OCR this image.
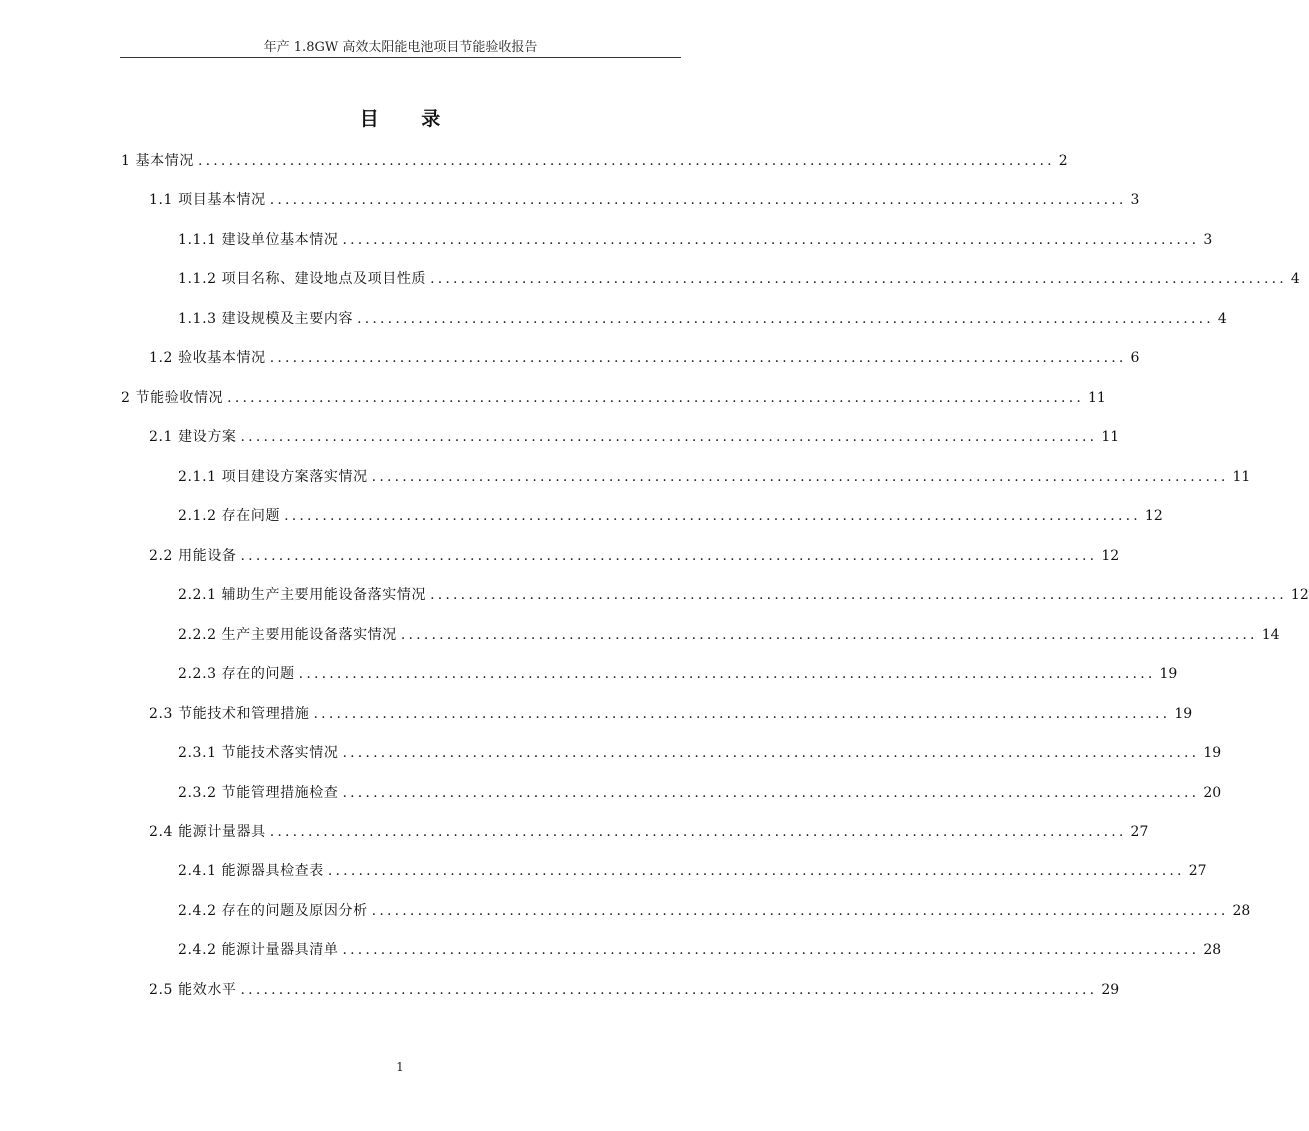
年产 1.8GW 高效太阳能电池项目节能验收报告
目 录
1 基本情况 ................................................................................................................ 2
1.1 项目基本情况 ................................................................................................................ 3
1.1.1 建设单位基本情况 ................................................................................................................ 3
1.1.2 项目名称、建设地点及项目性质 ................................................................................................................ 4
1.1.3 建设规模及主要内容 ................................................................................................................ 4
1.2 验收基本情况 ................................................................................................................ 6
2 节能验收情况 ................................................................................................................ 11
2.1 建设方案 ................................................................................................................ 11
2.1.1 项目建设方案落实情况 ................................................................................................................ 11
2.1.2 存在问题 ................................................................................................................ 12
2.2 用能设备 ................................................................................................................ 12
2.2.1 辅助生产主要用能设备落实情况 ................................................................................................................ 12
2.2.2 生产主要用能设备落实情况 ................................................................................................................ 14
2.2.3 存在的问题 ................................................................................................................ 19
2.3 节能技术和管理措施 ................................................................................................................ 19
2.3.1 节能技术落实情况 ................................................................................................................ 19
2.3.2 节能管理措施检查 ................................................................................................................ 20
2.4 能源计量器具 ................................................................................................................ 27
2.4.1 能源器具检查表 ................................................................................................................ 27
2.4.2 存在的问题及原因分析 ................................................................................................................ 28
2.4.2 能源计量器具清单 ................................................................................................................ 28
2.5 能效水平 ................................................................................................................ 29
1
